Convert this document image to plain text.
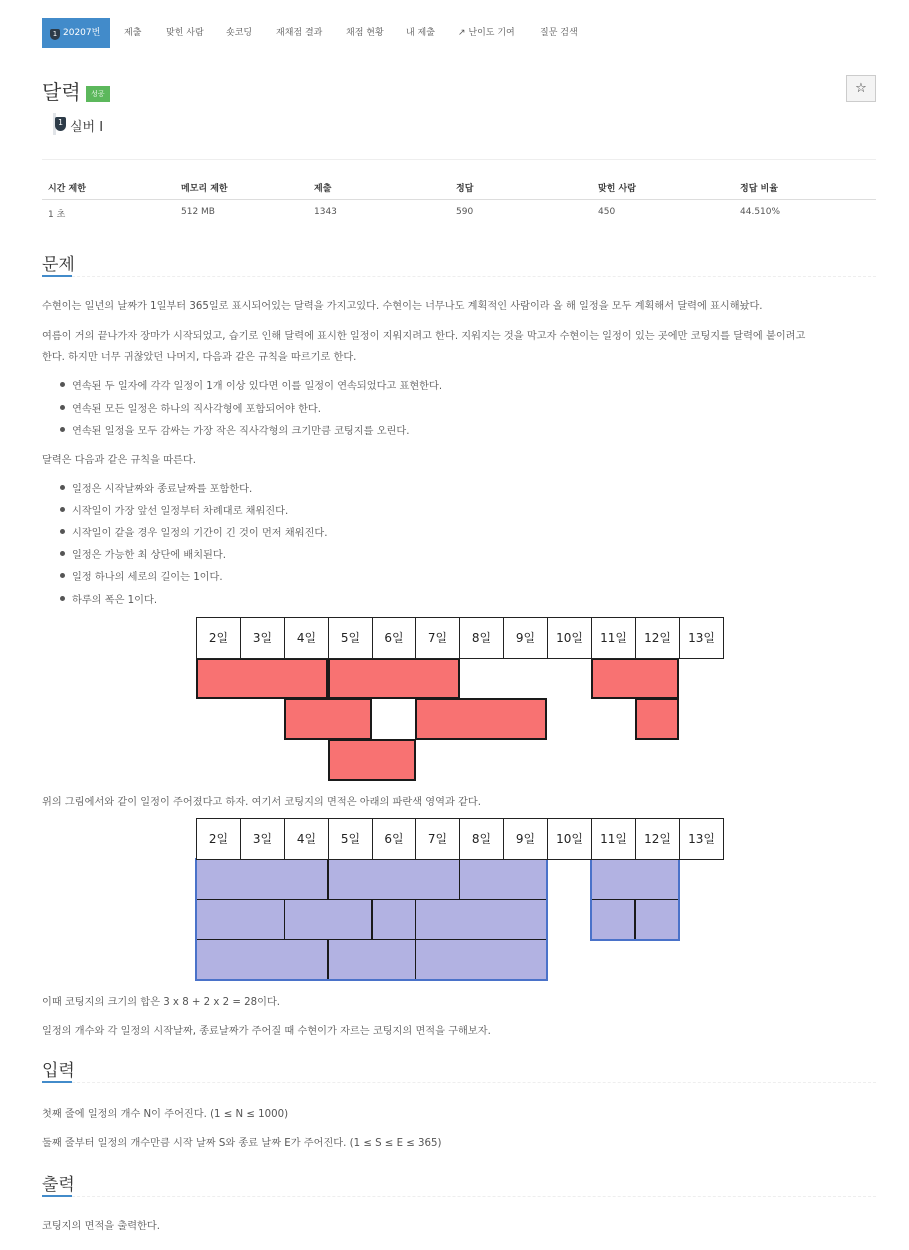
1 20207번	제출	맞힌 사람 숏코딩	재채점 결과	채점 현황 내 제출	↗ 난이도 기여	질문 검색
달력	성공	☆
1 실버 I
시간 제한	메모리 제한	제출	정답	맞힌 사람	정답 비율
1 초	512 MB	1343	590	450	44.510%
문제
수현이는 일년의 날짜가 1일부터 365일로 표시되어있는 달력을 가지고있다. 수현이는 너무나도 계획적인 사람이라 올 해 일정을 모두 계획해서 달력에 표시해놨다.
여름이 거의 끝나가자 장마가 시작되었고, 습기로 인해 달력에 표시한 일정이 지워지려고 한다. 지워지는 것을 막고자 수현이는 일정이 있는 곳에만 코팅지를 달력에 붙이려고
한다. 하지만 너무 귀찮았던 나머지, 다음과 같은 규칙을 따르기로 한다.
연속된 두 일자에 각각 일정이 1개 이상 있다면 이를 일정이 연속되었다고 표현한다.
연속된 모든 일정은 하나의 직사각형에 포함되어야 한다.
연속된 일정을 모두 감싸는 가장 작은 직사각형의 크기만큼 코팅지를 오린다.
달력은 다음과 같은 규칙을 따른다.
일정은 시작날짜와 종료날짜를 포함한다.
시작일이 가장 앞선 일정부터 차례대로 채워진다.
시작일이 같을 경우 일정의 기간이 긴 것이 먼저 채워진다.
일정은 가능한 최 상단에 배치된다.
일정 하나의 세로의 길이는 1이다.
하루의 폭은 1이다.
2일	3일	4일	5일	6일	7일	8일	9일	10일	11일	12일	13일
위의 그림에서와 같이 일정이 주어졌다고 하자. 여기서 코팅지의 면적은 아래의 파란색 영역과 같다.
2일	3일	4일	5일	6일	7일	8일	9일	10일	11일	12일	13일
이때 코팅지의 크기의 합은 3 x 8 + 2 x 2 = 28이다.
일정의 개수와 각 일정의 시작날짜, 종료날짜가 주어질 때 수현이가 자르는 코팅지의 면적을 구해보자.
입력
첫째 줄에 일정의 개수 N이 주어진다. (1 ≤ N ≤ 1000)
둘째 줄부터 일정의 개수만큼 시작 날짜 S와 종료 날짜 E가 주어진다. (1 ≤ S ≤ E ≤ 365)
출력
코팅지의 면적을 출력한다.
